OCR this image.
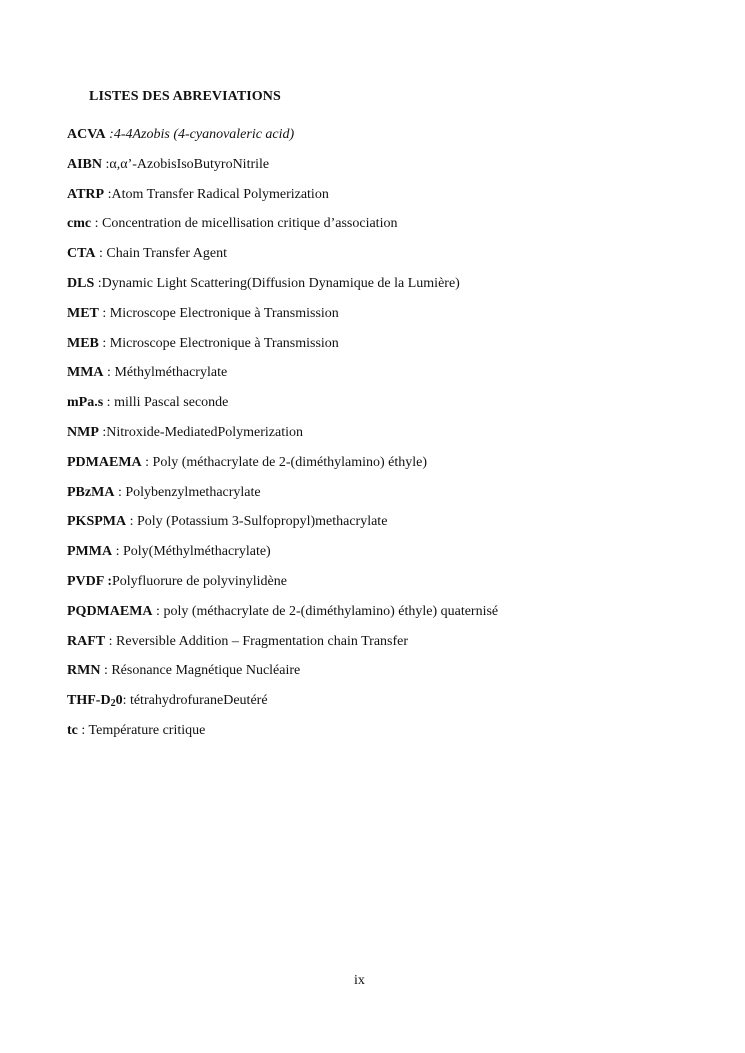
LISTES DES ABREVIATIONS
ACVA :4-4Azobis (4-cyanovaleric acid)
AIBN :α,α’-AzobisIsoButyroNitrile
ATRP :Atom Transfer Radical Polymerization
cmc : Concentration de micellisation critique d’association
CTA : Chain Transfer Agent
DLS :Dynamic Light Scattering(Diffusion Dynamique de la Lumière)
MET : Microscope Electronique à Transmission
MEB : Microscope Electronique à Transmission
MMA : Méthylméthacrylate
mPa.s : milli Pascal seconde
NMP :Nitroxide-MediatedPolymerization
PDMAEMA : Poly (méthacrylate de 2-(diméthylamino) éthyle)
PBzMA : Polybenzylmethacrylate
PKSPMA : Poly (Potassium 3-Sulfopropyl)methacrylate
PMMA : Poly(Méthylméthacrylate)
PVDF :Polyfluorure de polyvinylidène
PQDMAEMA : poly (méthacrylate de 2-(diméthylamino) éthyle) quaternisé
RAFT : Reversible Addition – Fragmentation chain Transfer
RMN : Résonance Magnétique Nucléaire
THF-$D_20$: tétrahydrofuraneDeutéré
tc : Température critique
ix
